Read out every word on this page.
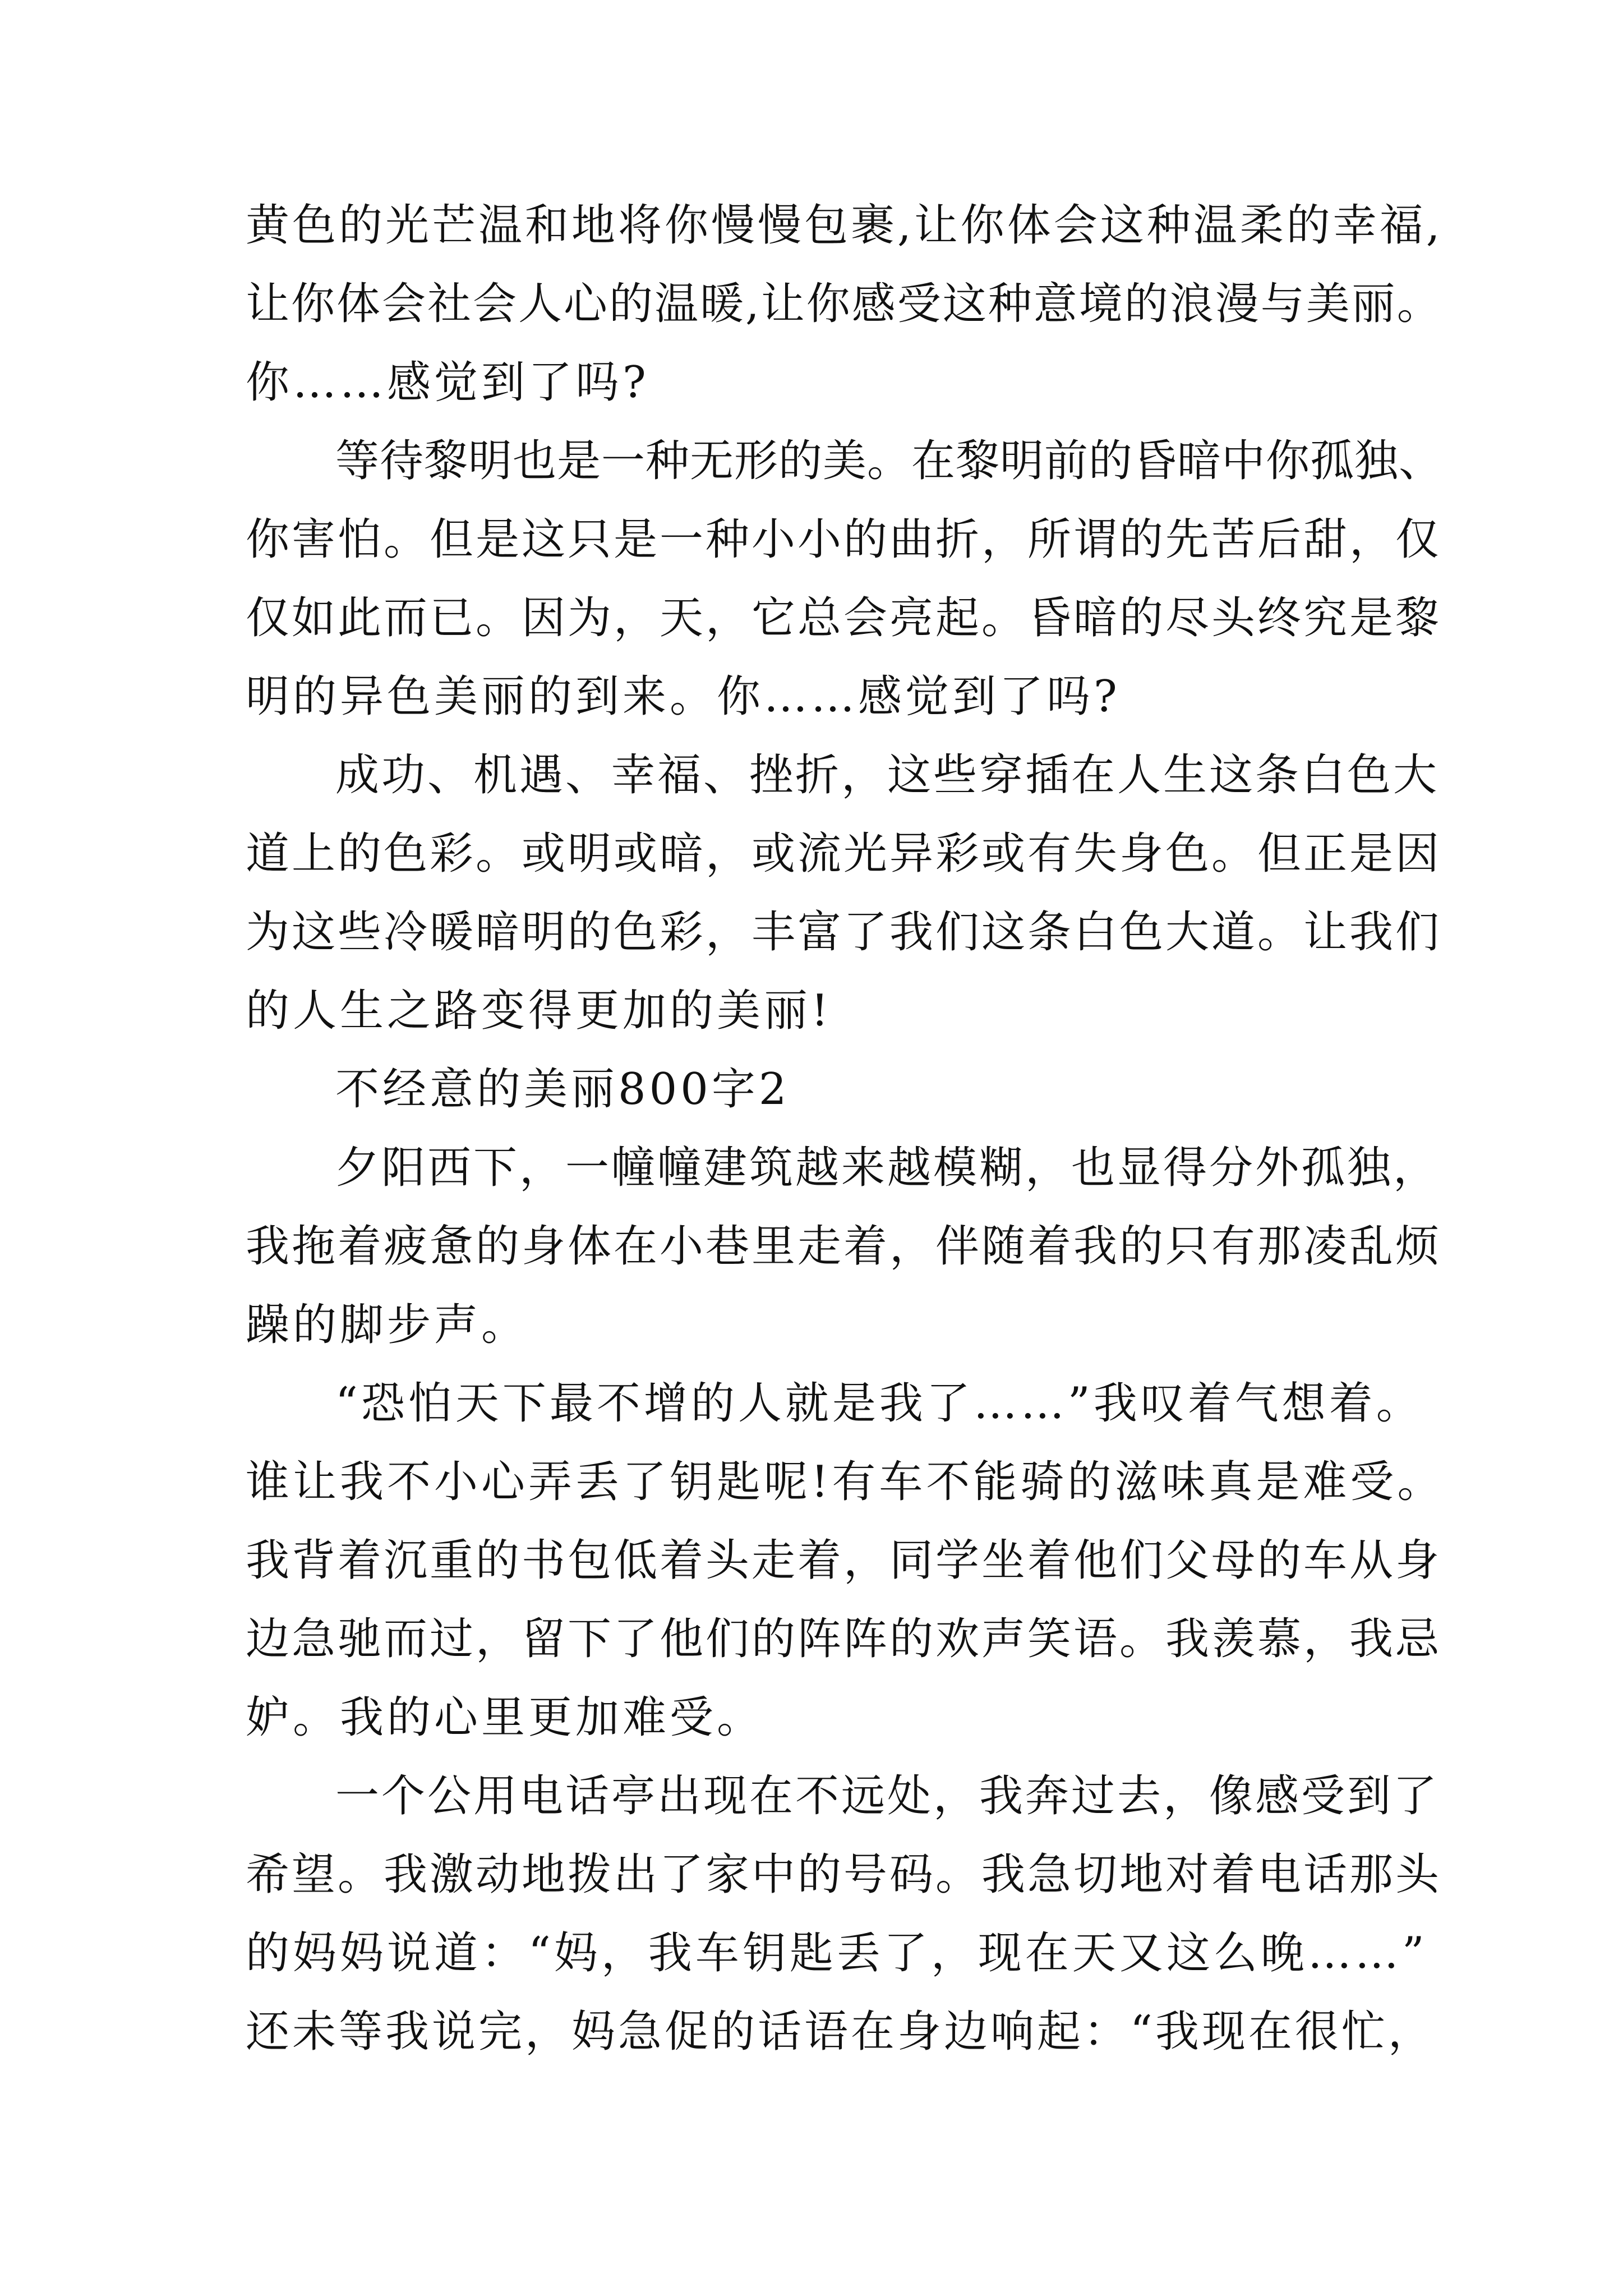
黄色的光芒温和地将你慢慢包裹,让你体会这种温柔的幸福,
让你体会社会人心的温暖,让你感受这种意境的浪漫与美丽。
你……感觉到了吗?
等待黎明也是一种无形的美。在黎明前的昏暗中你孤独、
你害怕。但是这只是一种小小的曲折，所谓的先苦后甜，仅
仅如此而已。因为，天，它总会亮起。昏暗的尽头终究是黎
明的异色美丽的到来。你……感觉到了吗?
成功、机遇、幸福、挫折，这些穿插在人生这条白色大
道上的色彩。或明或暗，或流光异彩或有失身色。但正是因
为这些冷暖暗明的色彩，丰富了我们这条白色大道。让我们
的人生之路变得更加的美丽!
不经意的美丽800字2
夕阳西下，一幢幢建筑越来越模糊，也显得分外孤独，
我拖着疲惫的身体在小巷里走着，伴随着我的只有那凌乱烦
躁的脚步声。
“恐怕天下最不增的人就是我了……”我叹着气想着。
谁让我不小心弄丢了钥匙呢!有车不能骑的滋味真是难受。
我背着沉重的书包低着头走着，同学坐着他们父母的车从身
边急驰而过，留下了他们的阵阵的欢声笑语。我羡慕，我忌
妒。我的心里更加难受。
一个公用电话亭出现在不远处，我奔过去，像感受到了
希望。我激动地拨出了家中的号码。我急切地对着电话那头
的妈妈说道：“妈，我车钥匙丢了，现在天又这么晚……”
还未等我说完，妈急促的话语在身边响起：“我现在很忙，
